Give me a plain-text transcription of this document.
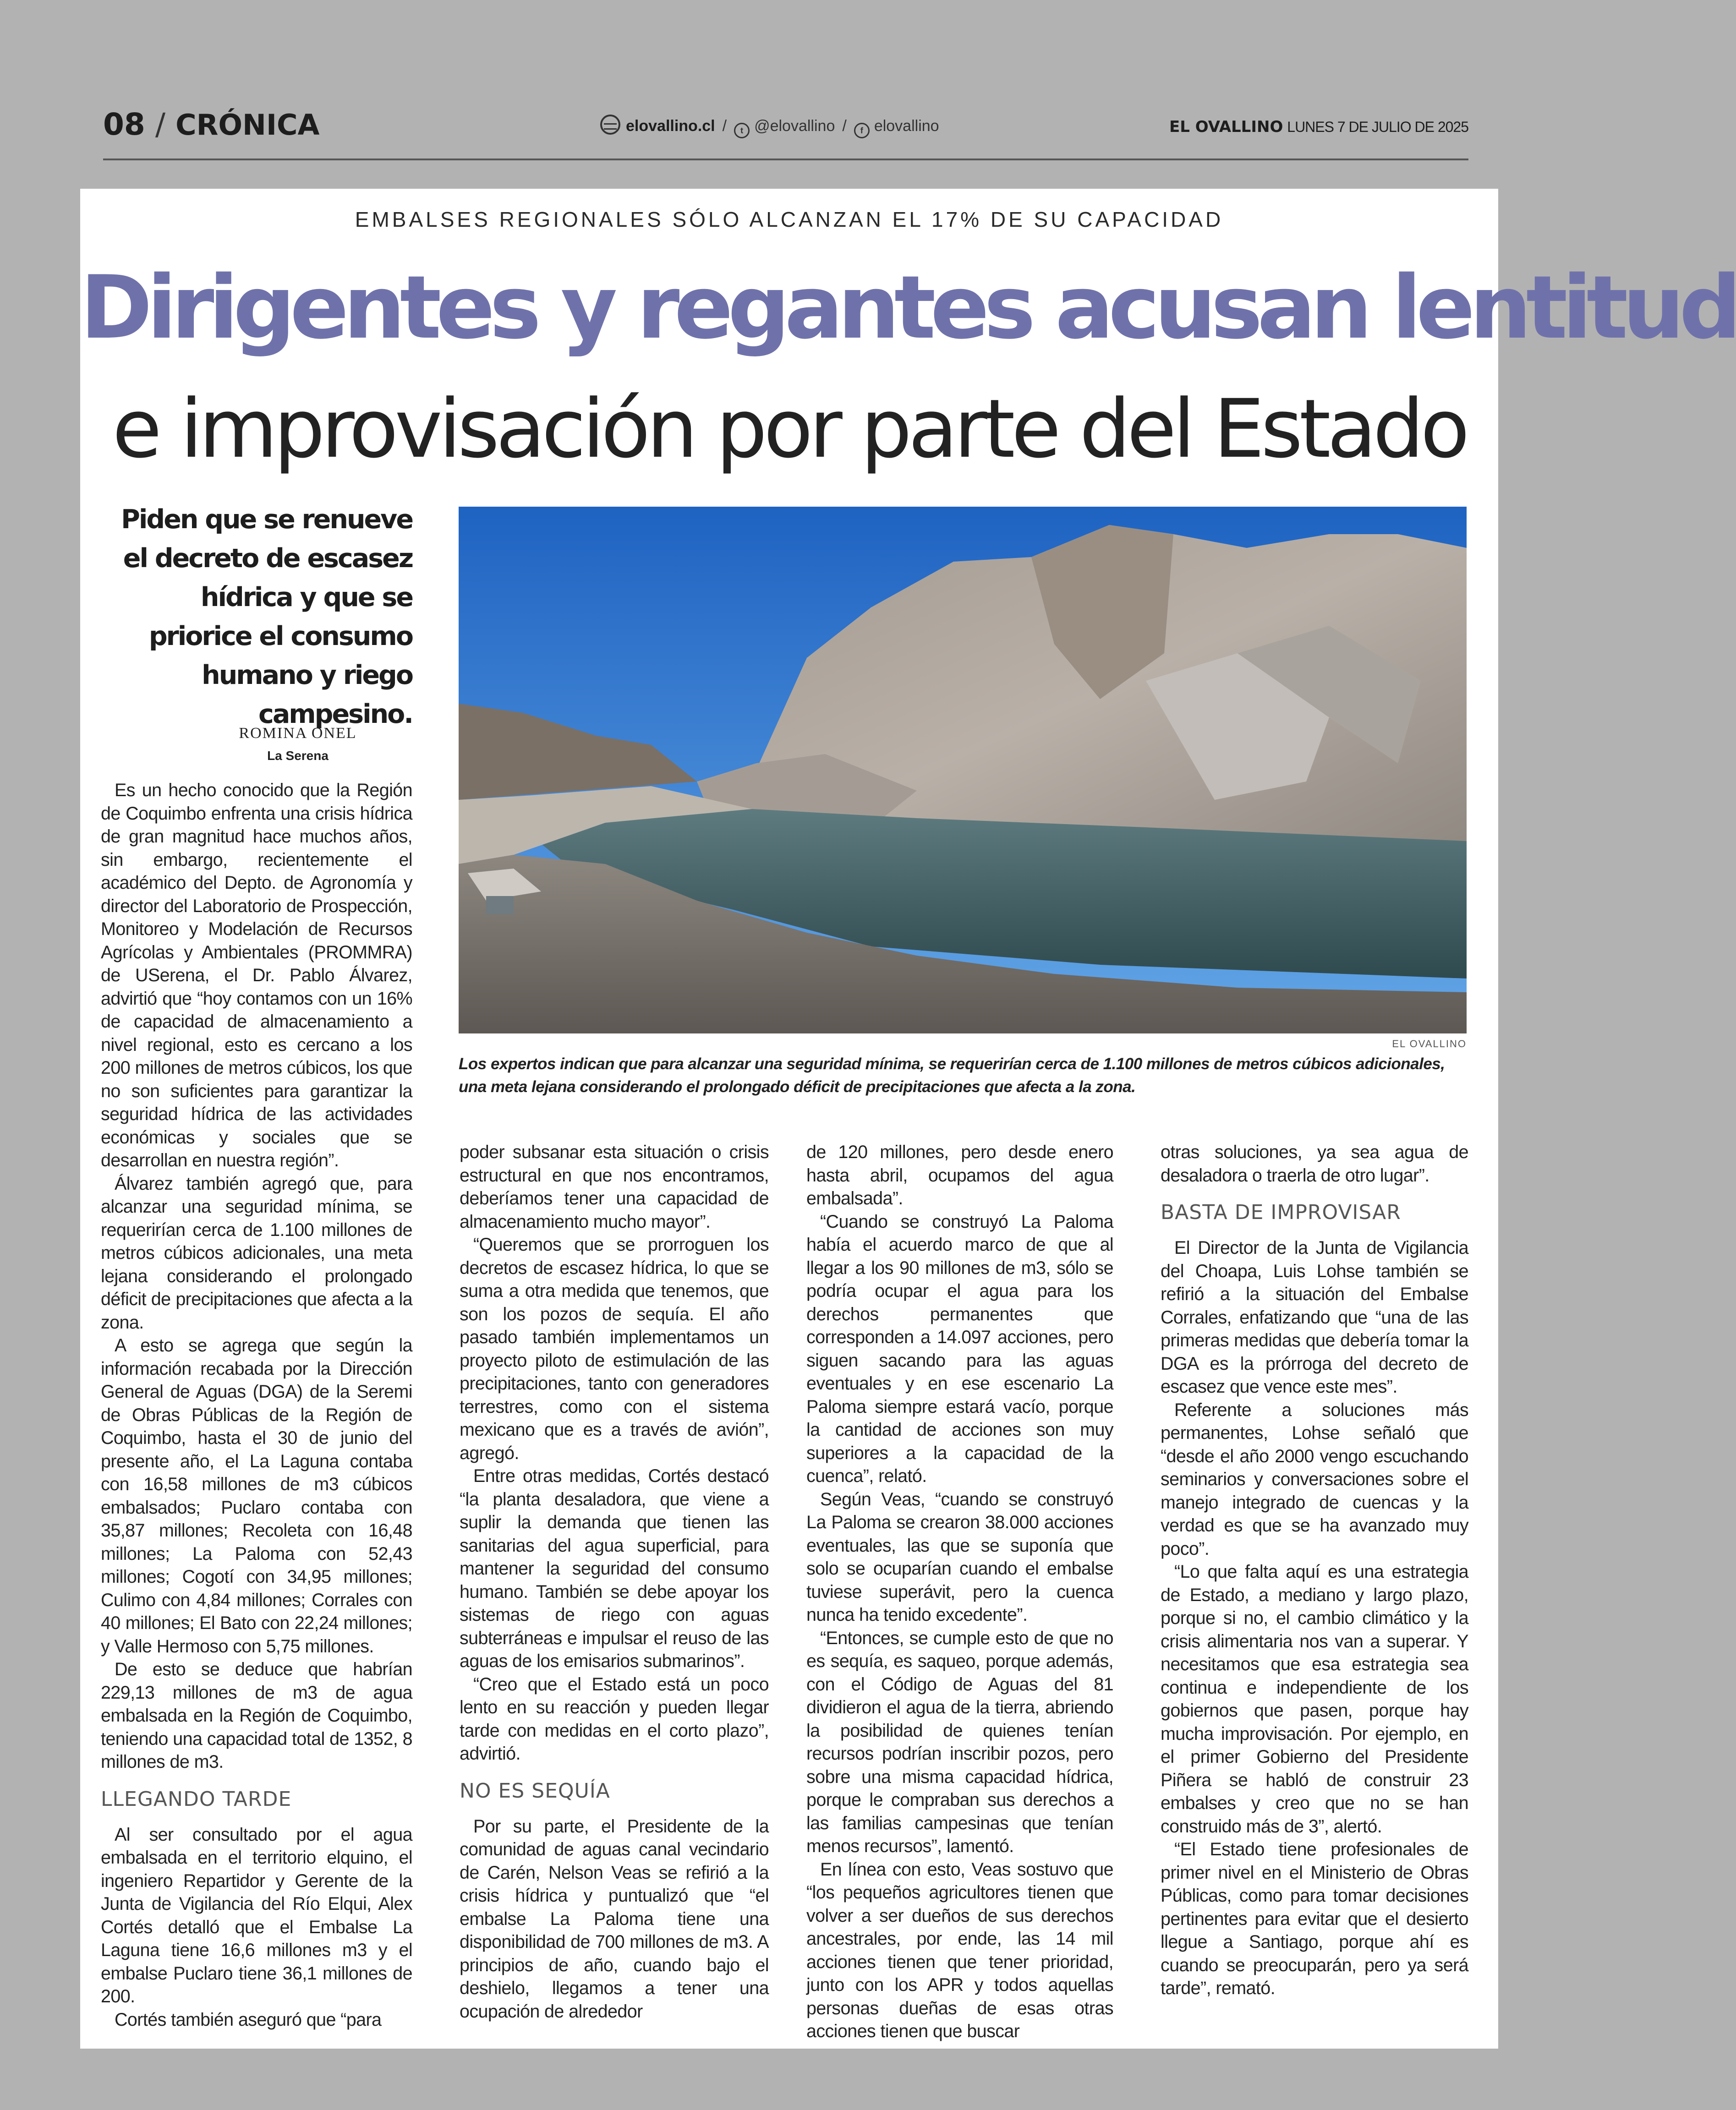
08 / CRÓNICA	elovallino.cl / t @elovallino / f elovallino	EL OVALLINO LUNES 7 DE JULIO DE 2025
EMBALSES REGIONALES SÓLO ALCANZAN EL 17% DE SU CAPACIDAD
Dirigentes y regantes acusan lentitud
e improvisación por parte del Estado
Piden que se renueve el decreto de escasez hídrica y que se priorice el consumo humano y riego campesino.
ROMINA ONEL
La Serena
EL OVALLINO
Los expertos indican que para alcanzar una seguridad mínima, se requerirían cerca de 1.100 millones de metros cúbicos adicionales, una meta lejana considerando el prolongado déficit de precipitaciones que afecta a la zona.

Es un hecho conocido que la Región de Coquimbo enfrenta una crisis hídrica de gran magnitud hace muchos años, sin embargo, recientemente el académico del Depto. de Agronomía y director del Laboratorio de Prospección, Monitoreo y Modelación de Recursos Agrícolas y Ambientales (PROMMRA) de USerena, el Dr. Pablo Álvarez, advirtió que “hoy contamos con un 16% de capacidad de almacenamiento a nivel regional, esto es cercano a los 200 millones de metros cúbicos, los que no son suficientes para garantizar la seguridad hídrica de las actividades económicas y sociales que se desarrollan en nuestra región”.

Álvarez también agregó que, para alcanzar una seguridad mínima, se requerirían cerca de 1.100 millones de metros cúbicos adicionales, una meta lejana considerando el prolongado déficit de precipitaciones que afecta a la zona.

A esto se agrega que según la información recabada por la Dirección General de Aguas (DGA) de la Seremi de Obras Públicas de la Región de Coquimbo, hasta el 30 de junio del presente año, el La Laguna contaba con 16,58 millones de m3 cúbicos embalsados; Puclaro contaba con 35,87 millones; Recoleta con 16,48 millones; La Paloma con 52,43 millones; Cogotí con 34,95 millones; Culimo con 4,84 millones; Corrales con 40 millones; El Bato con 22,24 millones; y Valle Hermoso con 5,75 millones.

De esto se deduce que habrían 229,13 millones de m3 de agua embalsada en la Región de Coquimbo, teniendo una capacidad total de 1352, 8 millones de m3.

LLEGANDO TARDE

Al ser consultado por el agua embalsada en el territorio elquino, el ingeniero Repartidor y Gerente de la Junta de Vigilancia del Río Elqui, Alex Cortés detalló que el Embalse La Laguna tiene 16,6 millones m3 y el embalse Puclaro tiene 36,1 millones de 200.

Cortés también aseguró que “para

poder subsanar esta situación o crisis estructural en que nos encontramos, deberíamos tener una capacidad de almacenamiento mucho mayor”.

“Queremos que se prorroguen los decretos de escasez hídrica, lo que se suma a otra medida que tenemos, que son los pozos de sequía. El año pasado también implementamos un proyecto piloto de estimulación de las precipitaciones, tanto con generadores terrestres, como con el sistema mexicano que es a través de avión”, agregó.

Entre otras medidas, Cortés destacó “la planta desaladora, que viene a suplir la demanda que tienen las sanitarias del agua superficial, para mantener la seguridad del consumo humano. También se debe apoyar los sistemas de riego con aguas subterráneas e impulsar el reuso de las aguas de los emisarios submarinos”.

“Creo que el Estado está un poco lento en su reacción y pueden llegar tarde con medidas en el corto plazo”, advirtió.

NO ES SEQUÍA

Por su parte, el Presidente de la comunidad de aguas canal vecindario de Carén, Nelson Veas se refirió a la crisis hídrica y puntualizó que “el embalse La Paloma tiene una disponibilidad de 700 millones de m3. A principios de año, cuando bajo el deshielo, llegamos a tener una ocupación de alrededor

de 120 millones, pero desde enero hasta abril, ocupamos del agua embalsada”.

“Cuando se construyó La Paloma había el acuerdo marco de que al llegar a los 90 millones de m3, sólo se podría ocupar el agua para los derechos permanentes que corresponden a 14.097 acciones, pero siguen sacando para las aguas eventuales y en ese escenario La Paloma siempre estará vacío, porque la cantidad de acciones son muy superiores a la capacidad de la cuenca”, relató.

Según Veas, “cuando se construyó La Paloma se crearon 38.000 acciones eventuales, las que se suponía que solo se ocuparían cuando el embalse tuviese superávit, pero la cuenca nunca ha tenido excedente”.

“Entonces, se cumple esto de que no es sequía, es saqueo, porque además, con el Código de Aguas del 81 dividieron el agua de la tierra, abriendo la posibilidad de quienes tenían recursos podrían inscribir pozos, pero sobre una misma capacidad hídrica, porque le compraban sus derechos a las familias campesinas que tenían menos recursos”, lamentó.

En línea con esto, Veas sostuvo que “los pequeños agricultores tienen que volver a ser dueños de sus derechos ancestrales, por ende, las 14 mil acciones tienen que tener prioridad, junto con los APR y todos aquellas personas dueñas de esas otras acciones tienen que buscar

otras soluciones, ya sea agua de desaladora o traerla de otro lugar”.

BASTA DE IMPROVISAR

El Director de la Junta de Vigilancia del Choapa, Luis Lohse también se refirió a la situación del Embalse Corrales, enfatizando que “una de las primeras medidas que debería tomar la DGA es la prórroga del decreto de escasez que vence este mes”.

Referente a soluciones más permanentes, Lohse señaló que “desde el año 2000 vengo escuchando seminarios y conversaciones sobre el manejo integrado de cuencas y la verdad es que se ha avanzado muy poco”.

“Lo que falta aquí es una estrategia de Estado, a mediano y largo plazo, porque si no, el cambio climático y la crisis alimentaria nos van a superar. Y necesitamos que esa estrategia sea continua e independiente de los gobiernos que pasen, porque hay mucha improvisación. Por ejemplo, en el primer Gobierno del Presidente Piñera se habló de construir 23 embalses y creo que no se han construido más de 3”, alertó.

“El Estado tiene profesionales de primer nivel en el Ministerio de Obras Públicas, como para tomar decisiones pertinentes para evitar que el desierto llegue a Santiago, porque ahí es cuando se preocuparán, pero ya será tarde”, remató.
